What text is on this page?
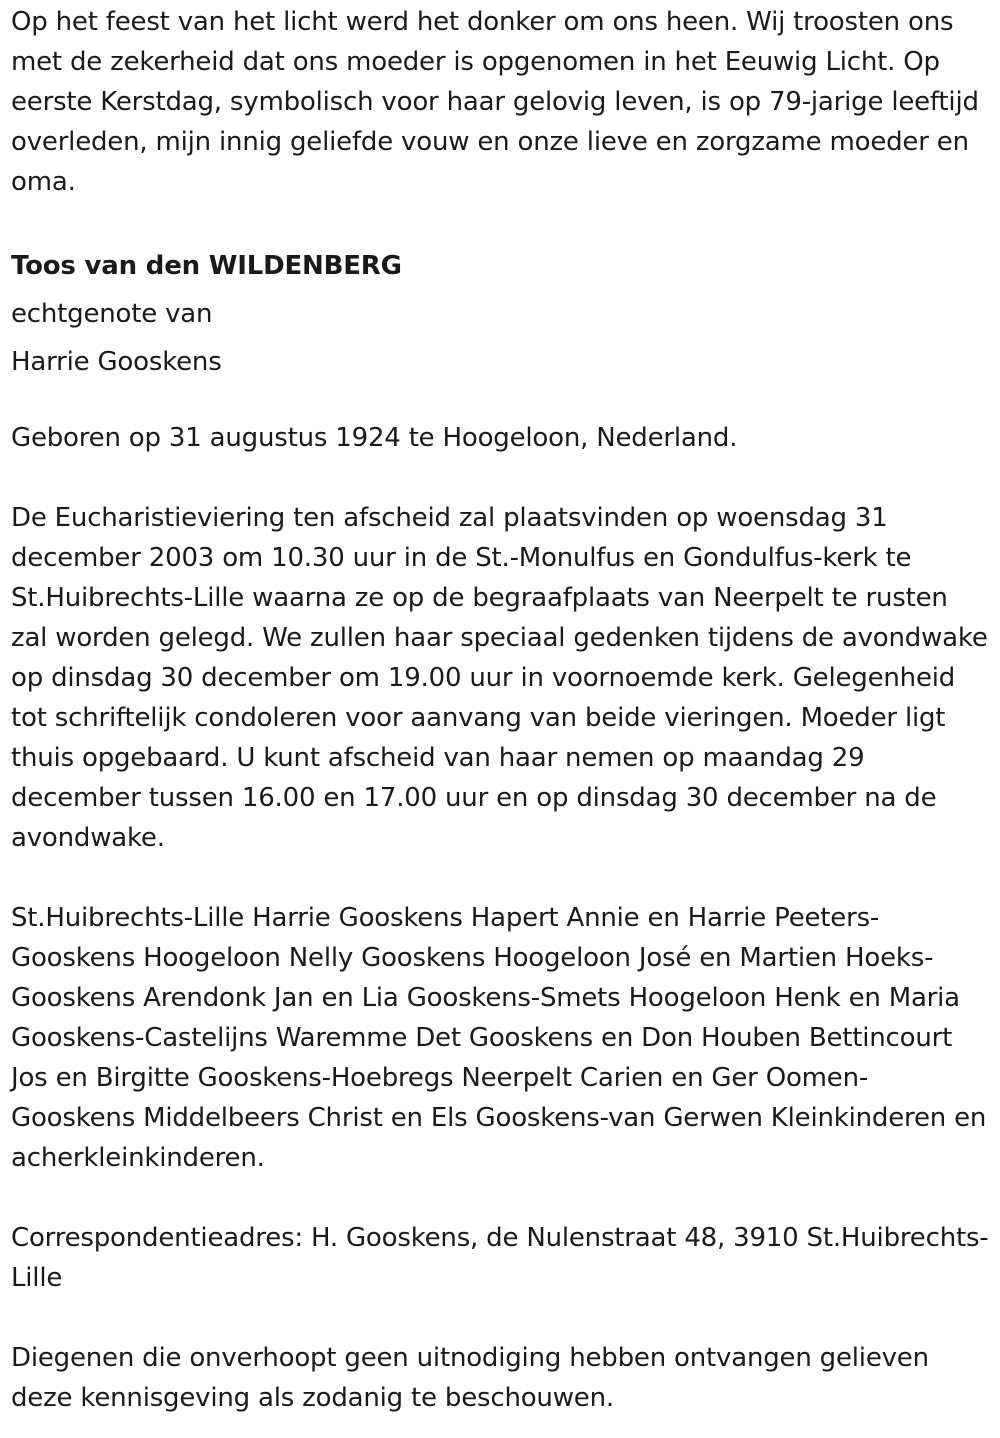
Op het feest van het licht werd het donker om ons heen. Wij troosten ons met de zekerheid dat ons moeder is opgenomen in het Eeuwig Licht. Op eerste Kerstdag, symbolisch voor haar gelovig leven, is op 79-jarige leeftijd overleden, mijn innig geliefde vouw en onze lieve en zorgzame moeder en oma.

Toos van den WILDENBERG

echtgenote van

Harrie Gooskens

Geboren op 31 augustus 1924 te Hoogeloon, Nederland.

De Eucharistieviering ten afscheid zal plaatsvinden op woensdag 31 december 2003 om 10.30 uur in de St.-Monulfus en Gondulfus-kerk te St.Huibrechts-Lille waarna ze op de begraafplaats van Neerpelt te rusten zal worden gelegd. We zullen haar speciaal gedenken tijdens de avondwake op dinsdag 30 december om 19.00 uur in voornoemde kerk. Gelegenheid tot schriftelijk condoleren voor aanvang van beide vieringen. Moeder ligt thuis opgebaard. U kunt afscheid van haar nemen op maandag 29 december tussen 16.00 en 17.00 uur en op dinsdag 30 december na de avondwake.

St.Huibrechts-Lille Harrie Gooskens Hapert Annie en Harrie Peeters-Gooskens Hoogeloon Nelly Gooskens Hoogeloon José en Martien Hoeks-Gooskens Arendonk Jan en Lia Gooskens-Smets Hoogeloon Henk en Maria Gooskens-Castelijns Waremme Det Gooskens en Don Houben Bettincourt Jos en Birgitte Gooskens-Hoebregs Neerpelt Carien en Ger Oomen-Gooskens Middelbeers Christ en Els Gooskens-van Gerwen Kleinkinderen en acherkleinkinderen.

Correspondentieadres: H. Gooskens, de Nulenstraat 48, 3910 St.Huibrechts-Lille

Diegenen die onverhoopt geen uitnodiging hebben ontvangen gelieven deze kennisgeving als zodanig te beschouwen.
